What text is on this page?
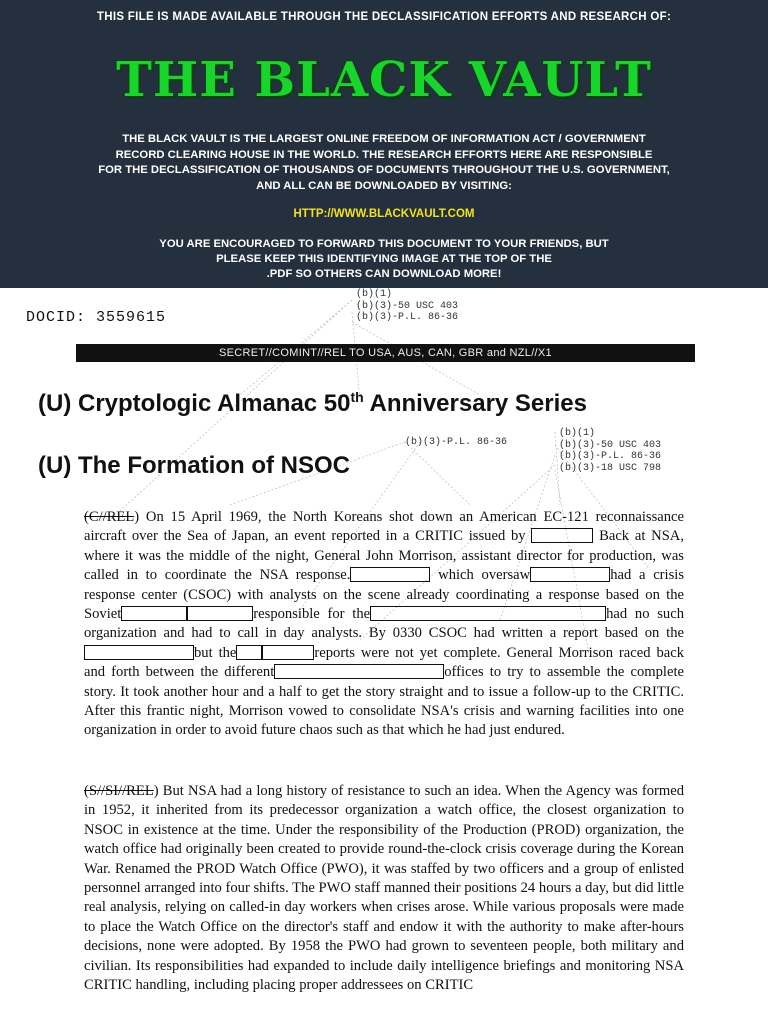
THIS FILE IS MADE AVAILABLE THROUGH THE DECLASSIFICATION EFFORTS AND RESEARCH OF:
THE BLACK VAULT
THE BLACK VAULT IS THE LARGEST ONLINE FREEDOM OF INFORMATION ACT / GOVERNMENT
RECORD CLEARING HOUSE IN THE WORLD. THE RESEARCH EFFORTS HERE ARE RESPONSIBLE
FOR THE DECLASSIFICATION OF THOUSANDS OF DOCUMENTS THROUGHOUT THE U.S. GOVERNMENT,
AND ALL CAN BE DOWNLOADED BY VISITING:
HTTP://WWW.BLACKVAULT.COM
YOU ARE ENCOURAGED TO FORWARD THIS DOCUMENT TO YOUR FRIENDS, BUT
PLEASE KEEP THIS IDENTIFYING IMAGE AT THE TOP OF THE
.PDF SO OTHERS CAN DOWNLOAD MORE!
DOCID: 3559615
(b)(1)
(b)(3)-50 USC 403
(b)(3)-P.L. 86-36
SECRET//COMINT//REL TO USA, AUS, CAN, GBR and NZL//X1
(U) Cryptologic Almanac 50th Anniversary Series
(b)(3)-P.L. 86-36
(b)(1)
(b)(3)-50 USC 403
(b)(3)-P.L. 86-36
(b)(3)-18 USC 798
(U) The Formation of NSOC
(C//REL) On 15 April 1969, the North Koreans shot down an American EC-121 reconnaissance aircraft over the Sea of Japan, an event reported in a CRITIC issued by	Back at NSA, where it was the middle of the night, General John Morrison, assistant director for production, was called in to coordinate the NSA response.	which oversaw	had a crisis response center (CSOC) with analysts on the scene already coordinating a response based on the Soviet	responsible for the	had no such organization and had to call in day analysts. By 0330 CSOC had written a report based on thebut the	reports were not yet complete. General Morrison raced back and forth between the different	offices to try to assemble the complete story. It took another hour and a half to get the story straight and to issue a follow-up to the CRITIC. After this frantic night, Morrison vowed to consolidate NSA's crisis and warning facilities into one organization in order to avoid future chaos such as that which he had just endured.
(S//SI//REL) But NSA had a long history of resistance to such an idea. When the Agency was formed in 1952, it inherited from its predecessor organization a watch office, the closest organization to NSOC in existence at the time. Under the responsibility of the Production (PROD) organization, the watch office had originally been created to provide round-the-clock crisis coverage during the Korean War. Renamed the PROD Watch Office (PWO), it was staffed by two officers and a group of enlisted personnel arranged into four shifts. The PWO staff manned their positions 24 hours a day, but did little real analysis, relying on called-in day workers when crises arose. While various proposals were made to place the Watch Office on the director's staff and endow it with the authority to make after-hours decisions, none were adopted. By 1958 the PWO had grown to seventeen people, both military and civilian. Its responsibilities had expanded to include daily intelligence briefings and monitoring NSA CRITIC handling, including placing proper addressees on CRITIC
